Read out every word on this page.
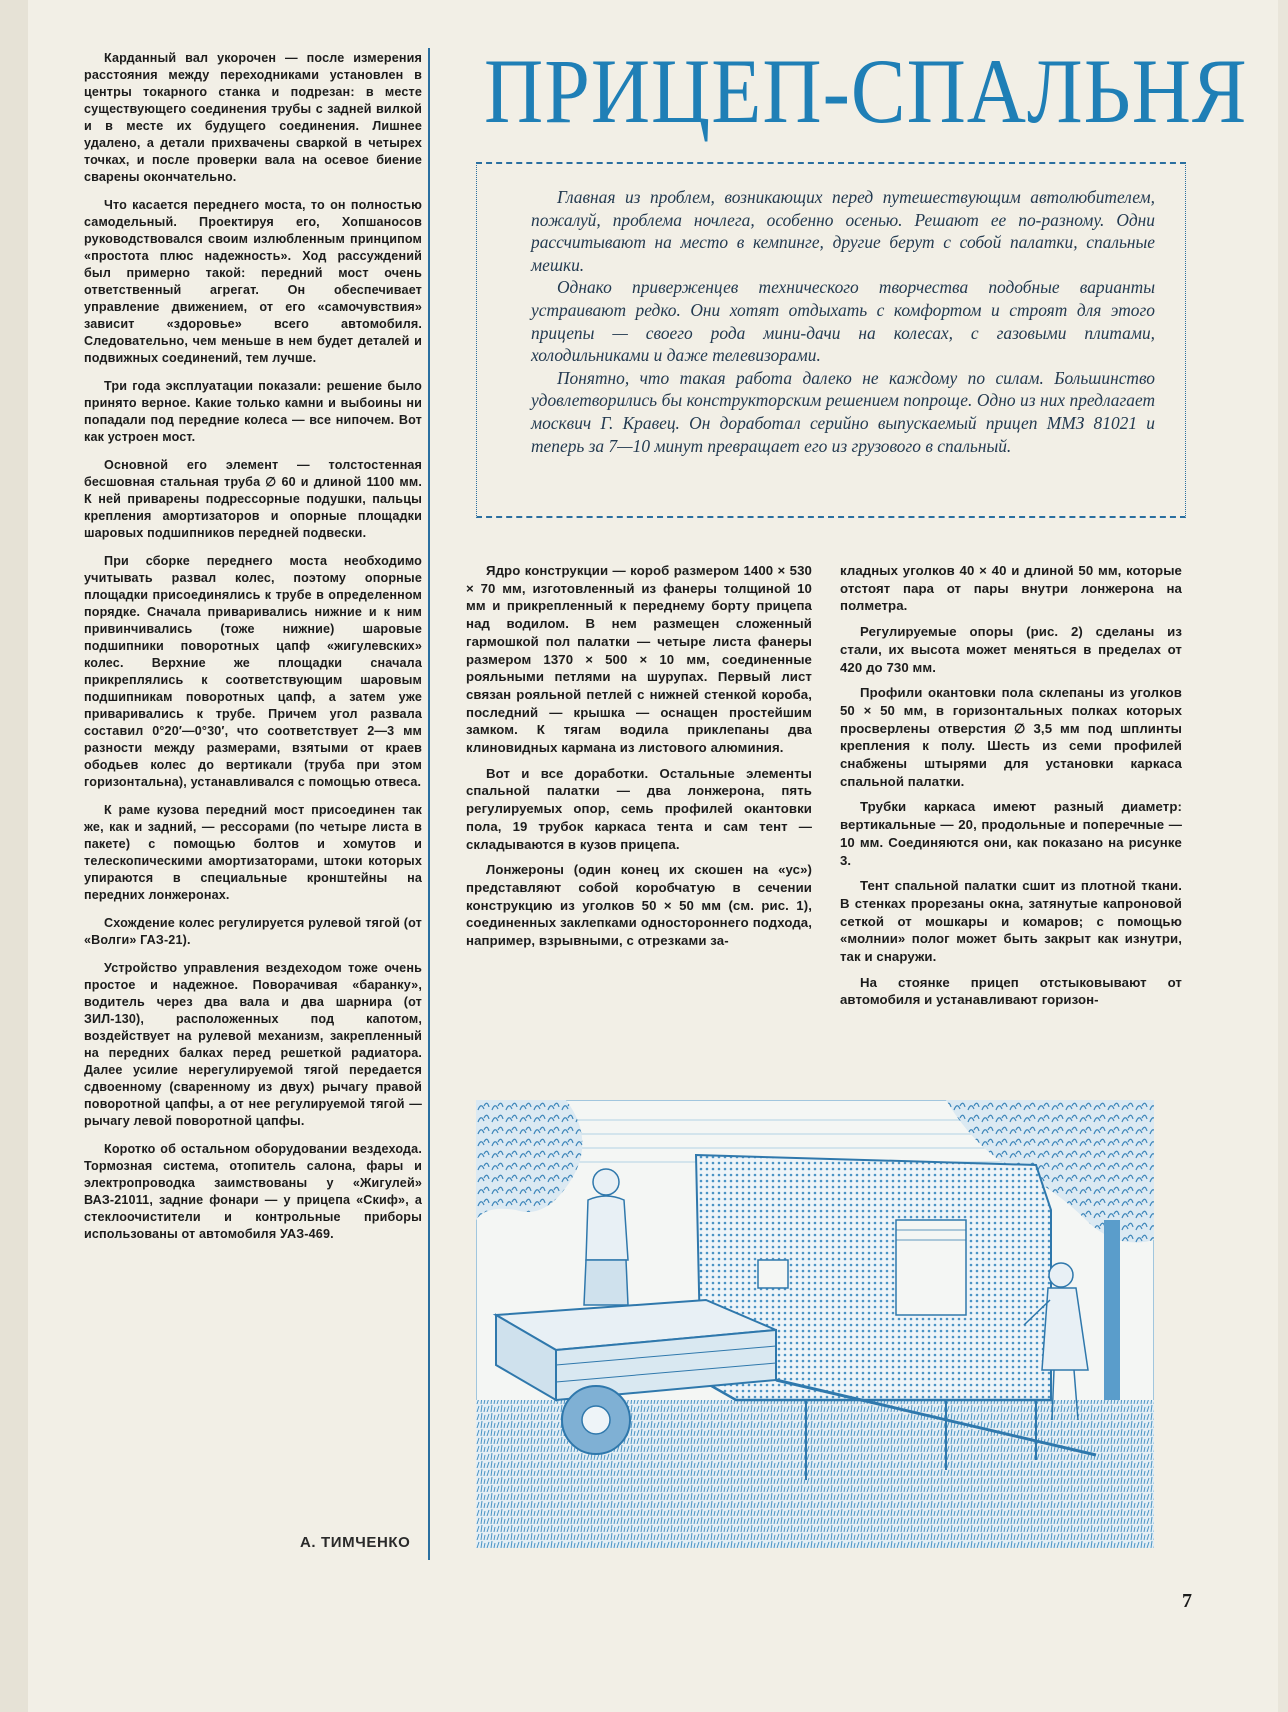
Карданный вал укорочен — после измерения расстояния между переходниками установлен в центры токарного станка и подрезан: в месте существующего соединения трубы с задней вилкой и в месте их будущего соединения. Лишнее удалено, а детали прихвачены сваркой в четырех точках, и после проверки вала на осевое биение сварены окончательно.

Что касается переднего моста, то он полностью самодельный. Проектируя его, Хопшаносов руководствовался своим излюбленным принципом «простота плюс надежность». Ход рассуждений был примерно такой: передний мост очень ответственный агрегат. Он обеспечивает управление движением, от его «самочувствия» зависит «здоровье» всего автомобиля. Следовательно, чем меньше в нем будет деталей и подвижных соединений, тем лучше.

Три года эксплуатации показали: решение было принято верное. Какие только камни и выбоины ни попадали под передние колеса — все нипочем. Вот как устроен мост.

Основной его элемент — толстостенная бесшовная стальная труба ∅ 60 и длиной 1100 мм. К ней приварены подрессорные подушки, пальцы крепления амортизаторов и опорные площадки шаровых подшипников передней подвески.

При сборке переднего моста необходимо учитывать развал колес, поэтому опорные площадки присоединялись к трубе в определенном порядке. Сначала приваривались нижние и к ним привинчивались (тоже нижние) шаровые подшипники поворотных цапф «жигулевских» колес. Верхние же площадки сначала прикреплялись к соответствующим шаровым подшипникам поворотных цапф, а затем уже приваривались к трубе. Причем угол развала составил 0°20′—0°30′, что соответствует 2—3 мм разности между размерами, взятыми от краев ободьев колес до вертикали (труба при этом горизонтальна), устанавливался с помощью отвеса.

К раме кузова передний мост присоединен так же, как и задний, — рессорами (по четыре листа в пакете) с помощью болтов и хомутов и телескопическими амортизаторами, штоки которых упираются в специальные кронштейны на передних лонжеронах.

Схождение колес регулируется рулевой тягой (от «Волги» ГАЗ-21).

Устройство управления вездеходом тоже очень простое и надежное. Поворачивая «баранку», водитель через два вала и два шарнира (от ЗИЛ-130), расположенных под капотом, воздействует на рулевой механизм, закрепленный на передних балках перед решеткой радиатора. Далее усилие нерегулируемой тягой передается сдвоенному (сваренному из двух) рычагу правой поворотной цапфы, а от нее регулируемой тягой — рычагу левой поворотной цапфы.

Коротко об остальном оборудовании вездехода. Тормозная система, отопитель салона, фары и электропроводка заимствованы у «Жигулей» ВАЗ-21011, задние фонари — у прицепа «Скиф», а стеклоочистители и контрольные приборы использованы от автомобиля УАЗ-469.

А. ТИМЧЕНКО
ПРИЦЕП-СПАЛЬНЯ

Главная из проблем, возникающих перед путешествующим автолюбителем, пожалуй, проблема ночлега, особенно осенью. Решают ее по-разному. Одни рассчитывают на место в кемпинге, другие берут с собой палатки, спальные мешки.

Однако приверженцев технического творчества подобные варианты устраивают редко. Они хотят отдыхать с комфортом и строят для этого прицепы — своего рода мини-дачи на колесах, с газовыми плитами, холодильниками и даже телевизорами.

Понятно, что такая работа далеко не каждому по силам. Большинство удовлетворились бы конструкторским решением попроще. Одно из них предлагает москвич Г. Кравец. Он доработал серийно выпускаемый прицеп ММЗ 81021 и теперь за 7—10 минут превращает его из грузового в спальный.

Ядро конструкции — короб размером 1400 × 530 × 70 мм, изготовленный из фанеры толщиной 10 мм и прикрепленный к переднему борту прицепа над водилом. В нем размещен сложенный гармошкой пол палатки — четыре листа фанеры размером 1370 × 500 × 10 мм, соединенные рояльными петлями на шурупах. Первый лист связан рояльной петлей с нижней стенкой короба, последний — крышка — оснащен простейшим замком. К тягам водила приклепаны два клиновидных кармана из листового алюминия.

Вот и все доработки. Остальные элементы спальной палатки — два лонжерона, пять регулируемых опор, семь профилей окантовки пола, 19 трубок каркаса тента и сам тент — складываются в кузов прицепа.

Лонжероны (один конец их скошен на «ус») представляют собой коробчатую в сечении конструкцию из уголков 50 × 50 мм (см. рис. 1), соединенных заклепками одностороннего подхода, например, взрывными, с отрезками за-

кладных уголков 40 × 40 и длиной 50 мм, которые отстоят пара от пары внутри лонжерона на полметра.

Регулируемые опоры (рис. 2) сделаны из стали, их высота может меняться в пределах от 420 до 730 мм.

Профили окантовки пола склепаны из уголков 50 × 50 мм, в горизонтальных полках которых просверлены отверстия ∅ 3,5 мм под шплинты крепления к полу. Шесть из семи профилей снабжены штырями для установки каркаса спальной палатки.

Трубки каркаса имеют разный диаметр: вертикальные — 20, продольные и поперечные — 10 мм. Соединяются они, как показано на рисунке 3.

Тент спальной палатки сшит из плотной ткани. В стенках прорезаны окна, затянутые капроновой сеткой от мошкары и комаров; с помощью «молнии» полог может быть закрыт как изнутри, так и снаружи.

На стоянке прицеп отстыковывают от автомобиля и устанавливают горизон-

7
